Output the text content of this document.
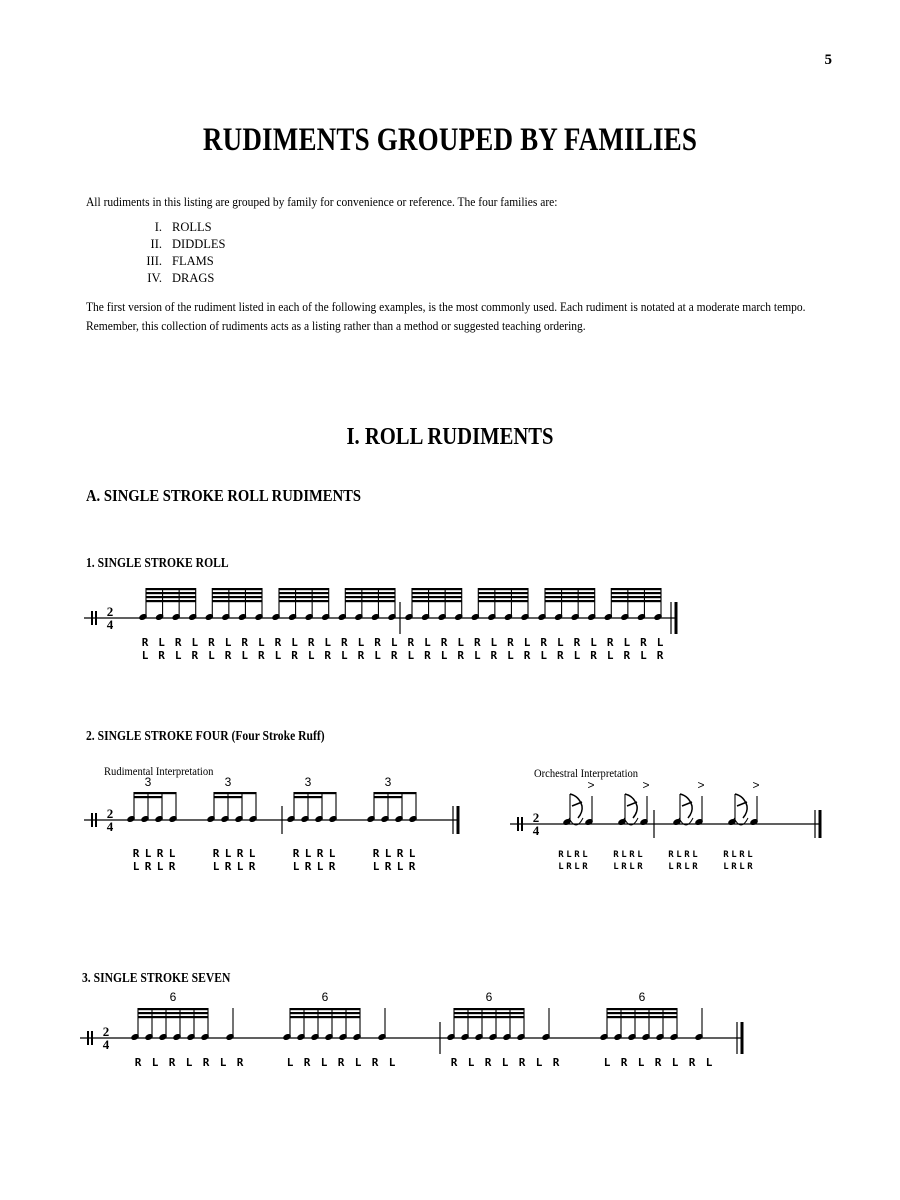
5
RUDIMENTS GROUPED BY FAMILIES
All rudiments in this listing are grouped by family for convenience or reference. The four families are:
I. ROLLS
II. DIDDLES
III. FLAMS
IV. DRAGS
The first version of the rudiment listed in each of the following examples, is the most commonly used. Each rudiment is notated at a moderate march tempo. Remember, this collection of rudiments acts as a listing rather than a method or suggested teaching ordering.
I. ROLL RUDIMENTS
A. SINGLE STROKE ROLL RUDIMENTS
1. SINGLE STROKE ROLL
2. SINGLE STROKE FOUR (Four Stroke Ruff)
Rudimental Interpretation	Orchestral Interpretation
3. SINGLE STROKE SEVEN
2
4
R L R L R L R L R L R L R L R L R L R L R L R L R L R L R L R L
L R L R L R L R L R L R L R L R L R L R L R L R L R L R L R L R
2
4
3
R L R L
L R L R
3
R L R L
L R L R
3
R L R L
L R L R
3
R L R L
L R L R
2
4
>
R L R L
L R L R
>
R L R L
L R L R
>
R L R L
L R L R
>
R L R L
L R L R
2
4
6
R L R L R L R
6
L R L R L R L
6
R L R L R L R
6
L R L R L R L
